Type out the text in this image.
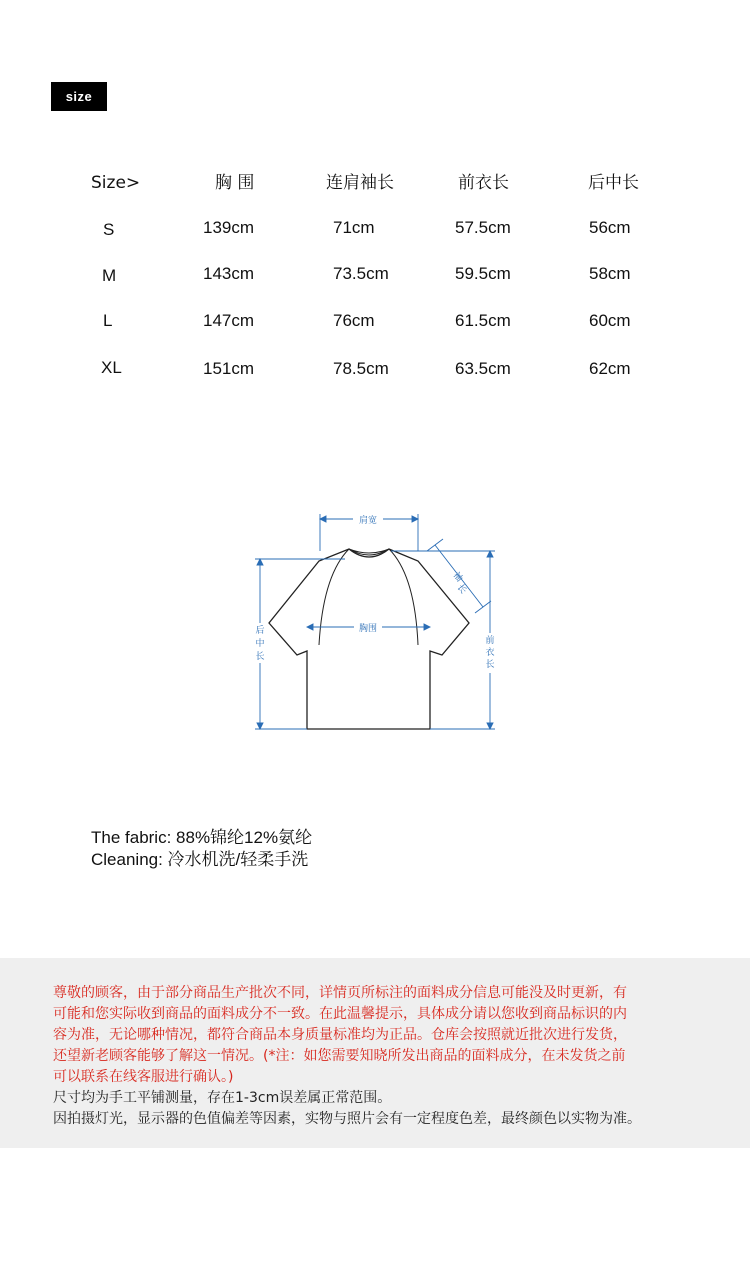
size
Size>	胸 围	连肩袖长	前衣长	后中长
S	139cm	71cm	57.5cm	56cm
M	143cm	73.5cm	59.5cm	58cm
L	147cm	76cm	61.5cm	60cm
XL	151cm	78.5cm	63.5cm	62cm
肩宽
胸围
袖
长
前
衣
长
后
中
长
The fabric: 88%锦纶12%氨纶
Cleaning: 冷水机洗/轻柔手洗
尊敬的顾客，由于部分商品生产批次不同，详情页所标注的面料成分信息可能没及时更新，有
可能和您实际收到商品的面料成分不一致。在此温馨提示，具体成分请以您收到商品标识的内
容为准，无论哪种情况，都符合商品本身质量标准均为正品。仓库会按照就近批次进行发货，
还望新老顾客能够了解这一情况。(*注：如您需要知晓所发出商品的面料成分，在未发货之前
可以联系在线客服进行确认。)
尺寸均为手工平铺测量，存在1-3cm误差属正常范围。
因拍摄灯光，显示器的色值偏差等因素，实物与照片会有一定程度色差，最终颜色以实物为准。
